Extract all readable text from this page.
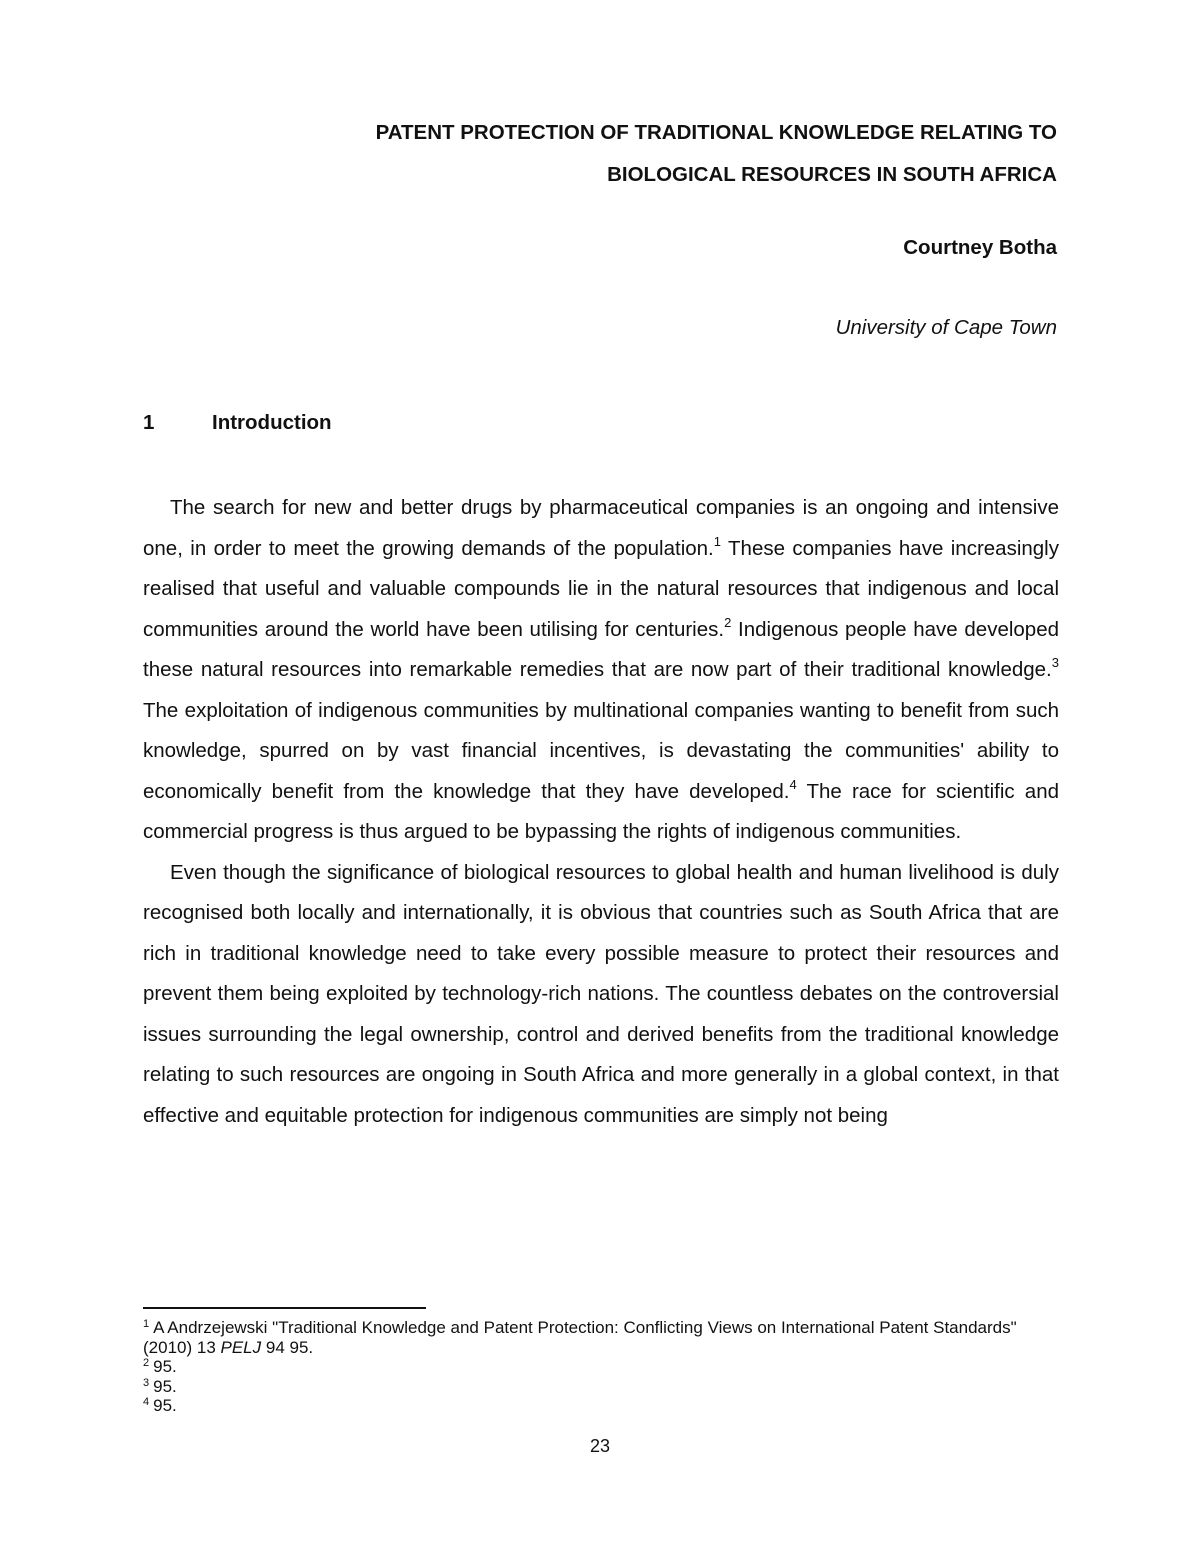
PATENT PROTECTION OF TRADITIONAL KNOWLEDGE RELATING TO
BIOLOGICAL RESOURCES IN SOUTH AFRICA

Courtney Botha

University of Cape Town

1	Introduction

The search for new and better drugs by pharmaceutical companies is an ongoing and intensive one, in order to meet the growing demands of the population.$^1$ These companies have increasingly realised that useful and valuable compounds lie in the natural resources that indigenous and local communities around the world have been utilising for centuries.$^2$ Indigenous people have developed these natural resources into remarkable remedies that are now part of their traditional knowledge.$^3$ The exploitation of indigenous communities by multinational companies wanting to benefit from such knowledge, spurred on by vast financial incentives, is devastating the communities' ability to economically benefit from the knowledge that they have developed.$^4$ The race for scientific and commercial progress is thus argued to be bypassing the rights of indigenous communities.

Even though the significance of biological resources to global health and human livelihood is duly recognised both locally and internationally, it is obvious that countries such as South Africa that are rich in traditional knowledge need to take every possible measure to protect their resources and prevent them being exploited by technology-rich nations. The countless debates on the controversial issues surrounding the legal ownership, control and derived benefits from the traditional knowledge relating to such resources are ongoing in South Africa and more generally in a global context, in that effective and equitable protection for indigenous communities are simply not being

$^1$ A Andrzejewski "Traditional Knowledge and Patent Protection: Conflicting Views on International Patent Standards" (2010) 13 PELJ 94 95.

$^2$ 95.

$^3$ 95.

$^4$ 95.

23
